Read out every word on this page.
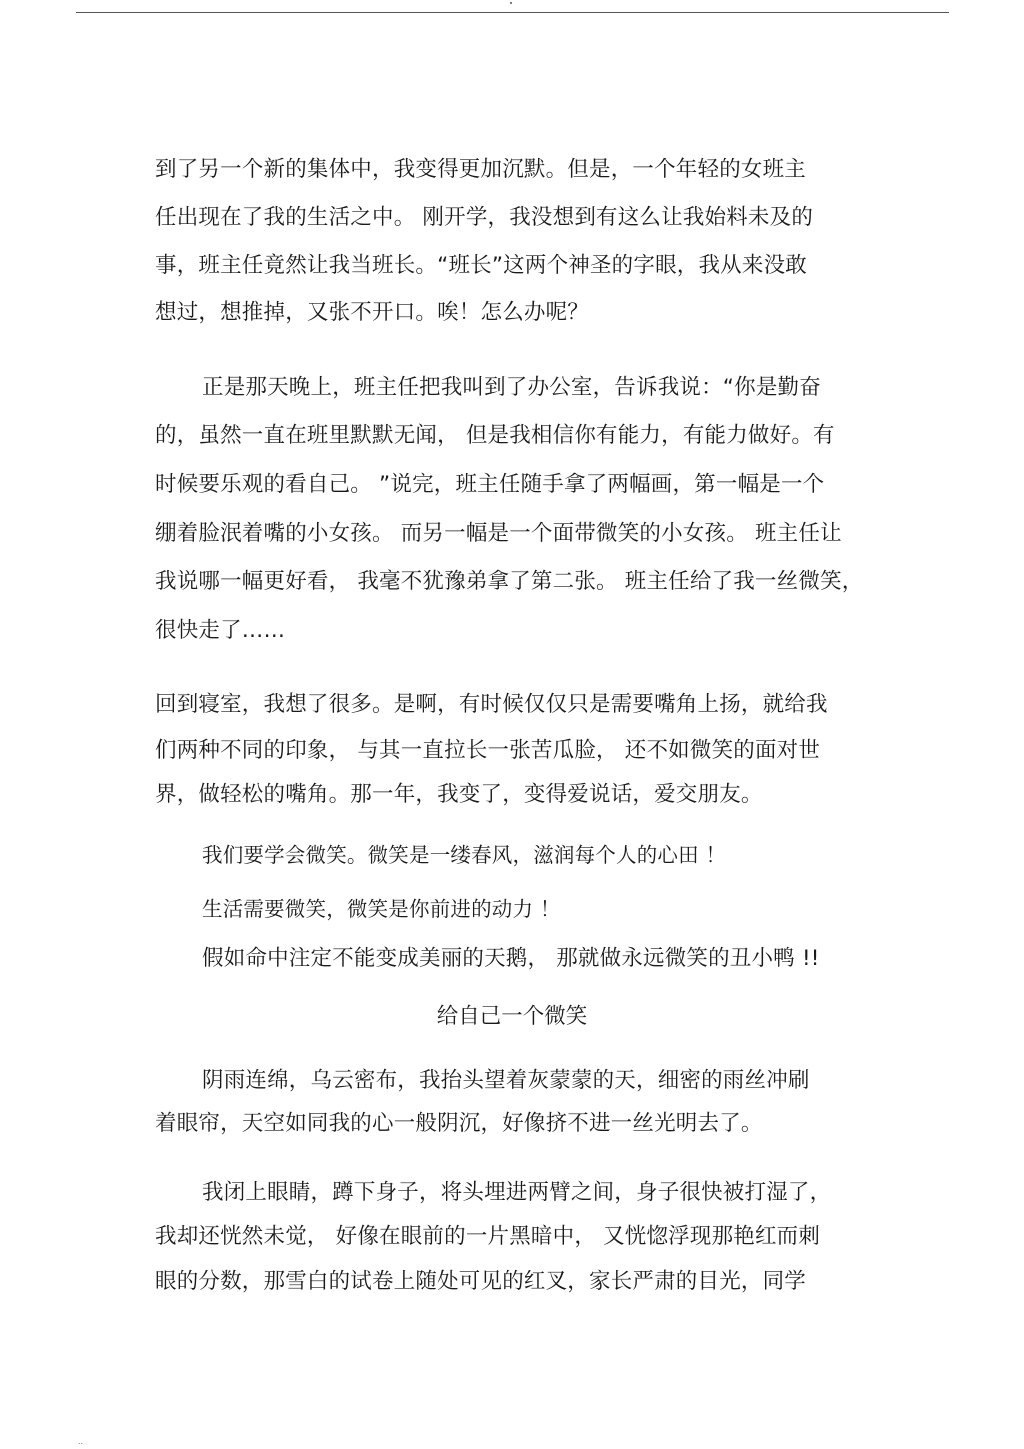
到了另一个新的集体中，我变得更加沉默。但是，一个年轻的女班主
任出现在了我的生活之中。 刚开学，我没想到有这么让我始料未及的
事，班主任竟然让我当班长。“班长”这两个神圣的字眼，我从来没敢
想过，想推掉，又张不开口。唉！怎么办呢？
正是那天晚上，班主任把我叫到了办公室，告诉我说：“你是勤奋
的，虽然一直在班里默默无闻， 但是我相信你有能力，有能力做好。有
时候要乐观的看自己。 ”说完，班主任随手拿了两幅画，第一幅是一个
绷着脸泯着嘴的小女孩。 而另一幅是一个面带微笑的小女孩。 班主任让
我说哪一幅更好看， 我毫不犹豫弟拿了第二张。 班主任给了我一丝微笑，
很快走了……
回到寝室，我想了很多。是啊，有时候仅仅只是需要嘴角上扬，就给我
们两种不同的印象， 与其一直拉长一张苦瓜脸， 还不如微笑的面对世
界，做轻松的嘴角。那一年，我变了，变得爱说话，爱交朋友。
我们要学会微笑。微笑是一缕春风，滋润每个人的心田 ！
生活需要微笑，微笑是你前进的动力 ！
假如命中注定不能变成美丽的天鹅， 那就做永远微笑的丑小鸭 !!
给自己一个微笑
阴雨连绵，乌云密布，我抬头望着灰蒙蒙的天，细密的雨丝冲刷
着眼帘，天空如同我的心一般阴沉，好像挤不进一丝光明去了。
我闭上眼睛，蹲下身子，将头埋进两臂之间，身子很快被打湿了，
我却还恍然未觉， 好像在眼前的一片黑暗中， 又恍惚浮现那艳红而刺
眼的分数，那雪白的试卷上随处可见的红叉，家长严肃的目光，同学
..
